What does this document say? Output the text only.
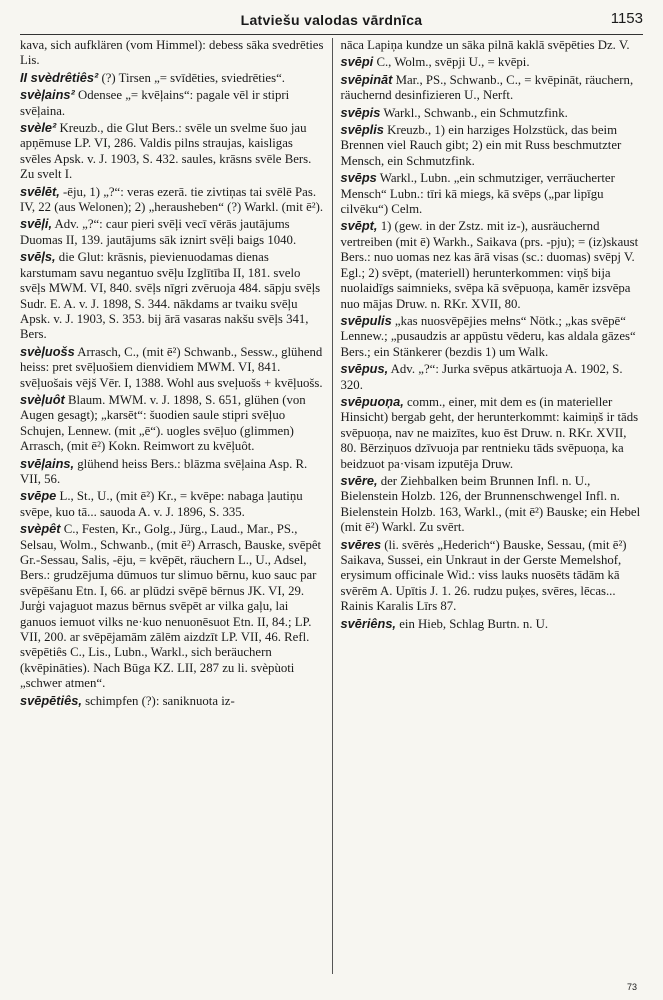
Latviešu valodas vārdnīca	1153
kava, sich aufklären (vom Himmel): debess sāka svedrēties Lis.
II svèdrêtiês² (?) Tirsen „= svīdēties, sviedrēties“.
svèļains² Odensee „= kvēļains“: pagale vēl ir stipri svēļaina.
svèle² Kreuzb., die Glut Bers.: svēle un svelme šuo jau apņēmuse LP. VI, 286. Valdis pilns straujas, kaisligas svēles Apsk. v. J. 1903, S. 432. saules, krāsns svēle Bers. Zu svelt I.
svēlēt, -ēju, 1) „?“: veras ezerā. tie zivtiņas tai svēlē Pas. IV, 22 (aus Welonen); 2) „herausheben“ (?) Warkl. (mit ē²).
svēļi, Adv. „?“: caur pieri svēļi vecī vērās jautājums Duomas II, 139. jautājums sāk iznirt svēļi baigs 1040.
svēļs, die Glut: krāsnis, pievienuodamas dienas karstumam savu negantuo svēļu Izglītība II, 181. svelo svēļs MWM. VI, 840. svēļs nīgri zvēruoja 484. sāpju svēļs Sudr. E. A. v. J. 1898, S. 344. nākdams ar tvaiku svēļu Apsk. v. J. 1903, S. 353. bij ārā vasaras nakšu svēļs 341, Bers.
svèļuošs Arrasch, C., (mit ē²) Schwanb., Sessw., glühend heiss: pret svēļuošiem dienvidiem MWM. VI, 841. svēļuošais vējš Vēr. I, 1388. Wohl aus sveļuošs + kvēļuošs.
svèļuôt Blaum. MWM. v. J. 1898, S. 651, glühen (von Augen gesagt); „karsēt“: šuodien saule stipri svēļuo Schujen, Lennew. (mit „ē“). uogles svēļuo (glimmen) Arrasch, (mit ē²) Kokn. Reimwort zu kvēļuôt.
svēļains, glühend heiss Bers.: blāzma svēļaina Asp. R. VII, 56.
svēpe L., St., U., (mit ē²) Kr., = kvēpe: nabaga ļautiņu svēpe, kuo tā... sauoda A. v. J. 1896, S. 335.
svèpêt C., Festen, Kr., Golg., Jürg., Laud., Mar., PS., Selsau, Wolm., Schwanb., (mit ē²) Arrasch, Bauske, svēpêt Gr.-Sessau, Salis, -ēju, = kvēpēt, räuchern L., U., Adsel, Bers.: grudzējuma dūmuos tur slimuo bērnu, kuo sauc par svēpēšanu Etn. I, 66. ar plūdzi svēpē bērnus JK. VI, 29. Jurģi vajaguot mazus bērnus svēpēt ar vilka gaļu, lai ganuos iemuot vilks ne·kuo nenuonēsuot Etn. II, 84.; LP. VII, 200. ar svēpējamām zālēm aizdzīt LP. VII, 46. Refl. svēpētiês C., Lis., Lubn., Warkl., sich beräuchern (kvēpināties). Nach Būga KZ. LII, 287 zu li. svèpùoti „schwer atmen“.
svēpētiês, schimpfen (?): saniknuota iz-
nāca Lapiņa kundze un sāka pilnā kaklā svēpēties Dz. V.
svēpi C., Wolm., svēpji U., = kvēpi.
svēpināt Mar., PS., Schwanb., C., = kvēpināt, räuchern, räuchernd desinfizieren U., Nerft.
svēpis Warkl., Schwanb., ein Schmutzfink.
svēplis Kreuzb., 1) ein harziges Holzstück, das beim Brennen viel Rauch gibt; 2) ein mit Russ beschmutzter Mensch, ein Schmutzfink.
svēps Warkl., Lubn. „ein schmutziger, verräucherter Mensch“ Lubn.: tīri kā miegs, kā svēps („par lipīgu cilvēku“) Celm.
svēpt, 1) (gew. in der Zstz. mit iz-), ausräuchernd vertreiben (mit ē) Warkh., Saikava (prs. -pju); = (iz)skaust Bers.: nuo uomas nez kas ārā visas (sc.: duomas) svēpj V. Egl.; 2) svēpt, (materiell) herunterkommen: viņš bija nuolaidīgs saimnieks, svēpa kā svēpuoņa, kamēr izsvēpa nuo mājas Druw. n. RKr. XVII, 80.
svēpulis „kas nuosvēpējies mełns“ Nötk.; „kas svēpē“ Lennew.; „pusaudzis ar appūstu vēderu, kas aldala gāzes“ Bers.; ein Stänkerer (bezdis 1) um Walk.
svēpus, Adv. „?“: Jurka svēpus atkārtuoja A. 1902, S. 320.
svēpuoņa, comm., einer, mit dem es (in materieller Hinsicht) bergab geht, der herunterkommt: kaimiņš ir tāds svēpuoņa, nav ne maizītes, kuo ēst Druw. n. RKr. XVII, 80. Bērziņuos dzīvuoja par rentnieku tāds svēpuoņa, ka beidzuot pa·visam izputēja Druw.
svēre, der Ziehbalken beim Brunnen Infl. n. U., Bielenstein Holzb. 126, der Brunnenschwengel Infl. n. Bielenstein Holzb. 163, Warkl., (mit ē²) Bauske; ein Hebel (mit ē²) Warkl. Zu svērt.
svēres (li. svērės „Hederich“) Bauske, Sessau, (mit ē²) Saikava, Sussei, ein Unkraut in der Gerste Memelshof, erysimum officinale Wid.: viss lauks nuosēts tādām kā svērēm A. Upītis J. 1. 26. rudzu puķes, svēres, lēcas... Rainis Karalis Līrs 87.
svēriêns, ein Hieb, Schlag Burtn. n. U.
73
